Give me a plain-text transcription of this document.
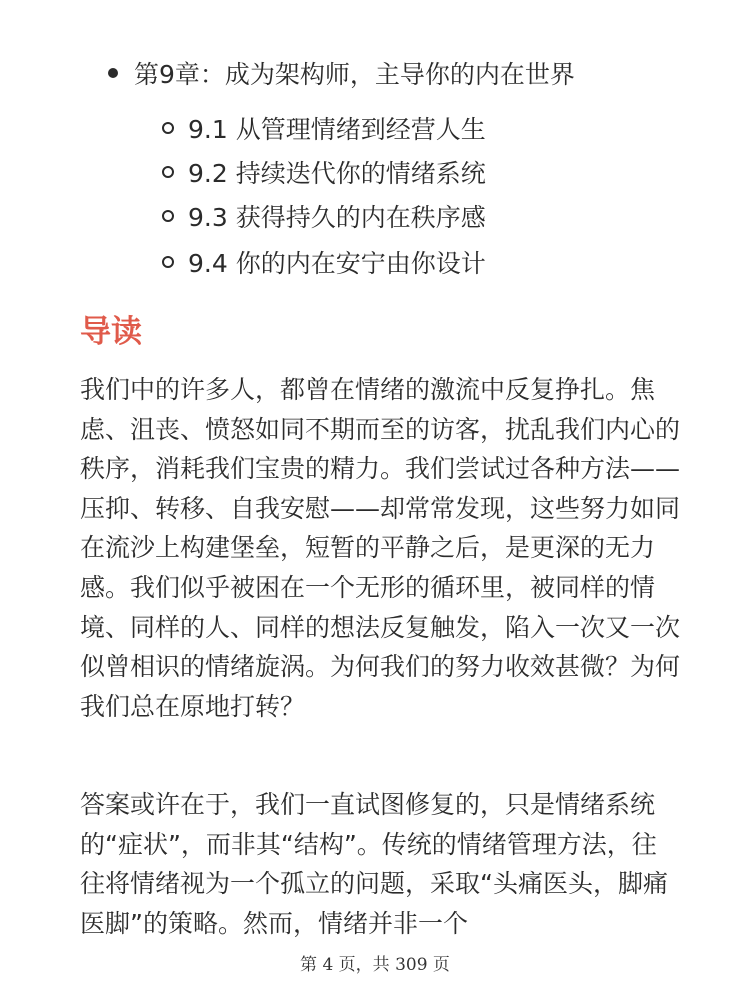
第9章：成为架构师，主导你的内在世界
9.1 从管理情绪到经营人生
9.2 持续迭代你的情绪系统
9.3 获得持久的内在秩序感
9.4 你的内在安宁由你设计
导读

我们中的许多人，都曾在情绪的激流中反复挣扎。焦虑、沮丧、愤怒如同不期而至的访客，扰乱我们内心的秩序，消耗我们宝贵的精力。我们尝试过各种方法——压抑、转移、自我安慰——却常常发现，这些努力如同在流沙上构建堡垒，短暂的平静之后，是更深的无力感。我们似乎被困在一个无形的循环里，被同样的情境、同样的人、同样的想法反复触发，陷入一次又一次似曾相识的情绪旋涡。为何我们的努力收效甚微？为何我们总在原地打转？

答案或许在于，我们一直试图修复的，只是情绪系统的“症状”，而非其“结构”。传统的情绪管理方法，往往将情绪视为一个孤立的问题，采取“头痛医头，脚痛医脚”的策略。然而，情绪并非一个

第 4 页，共 309 页
